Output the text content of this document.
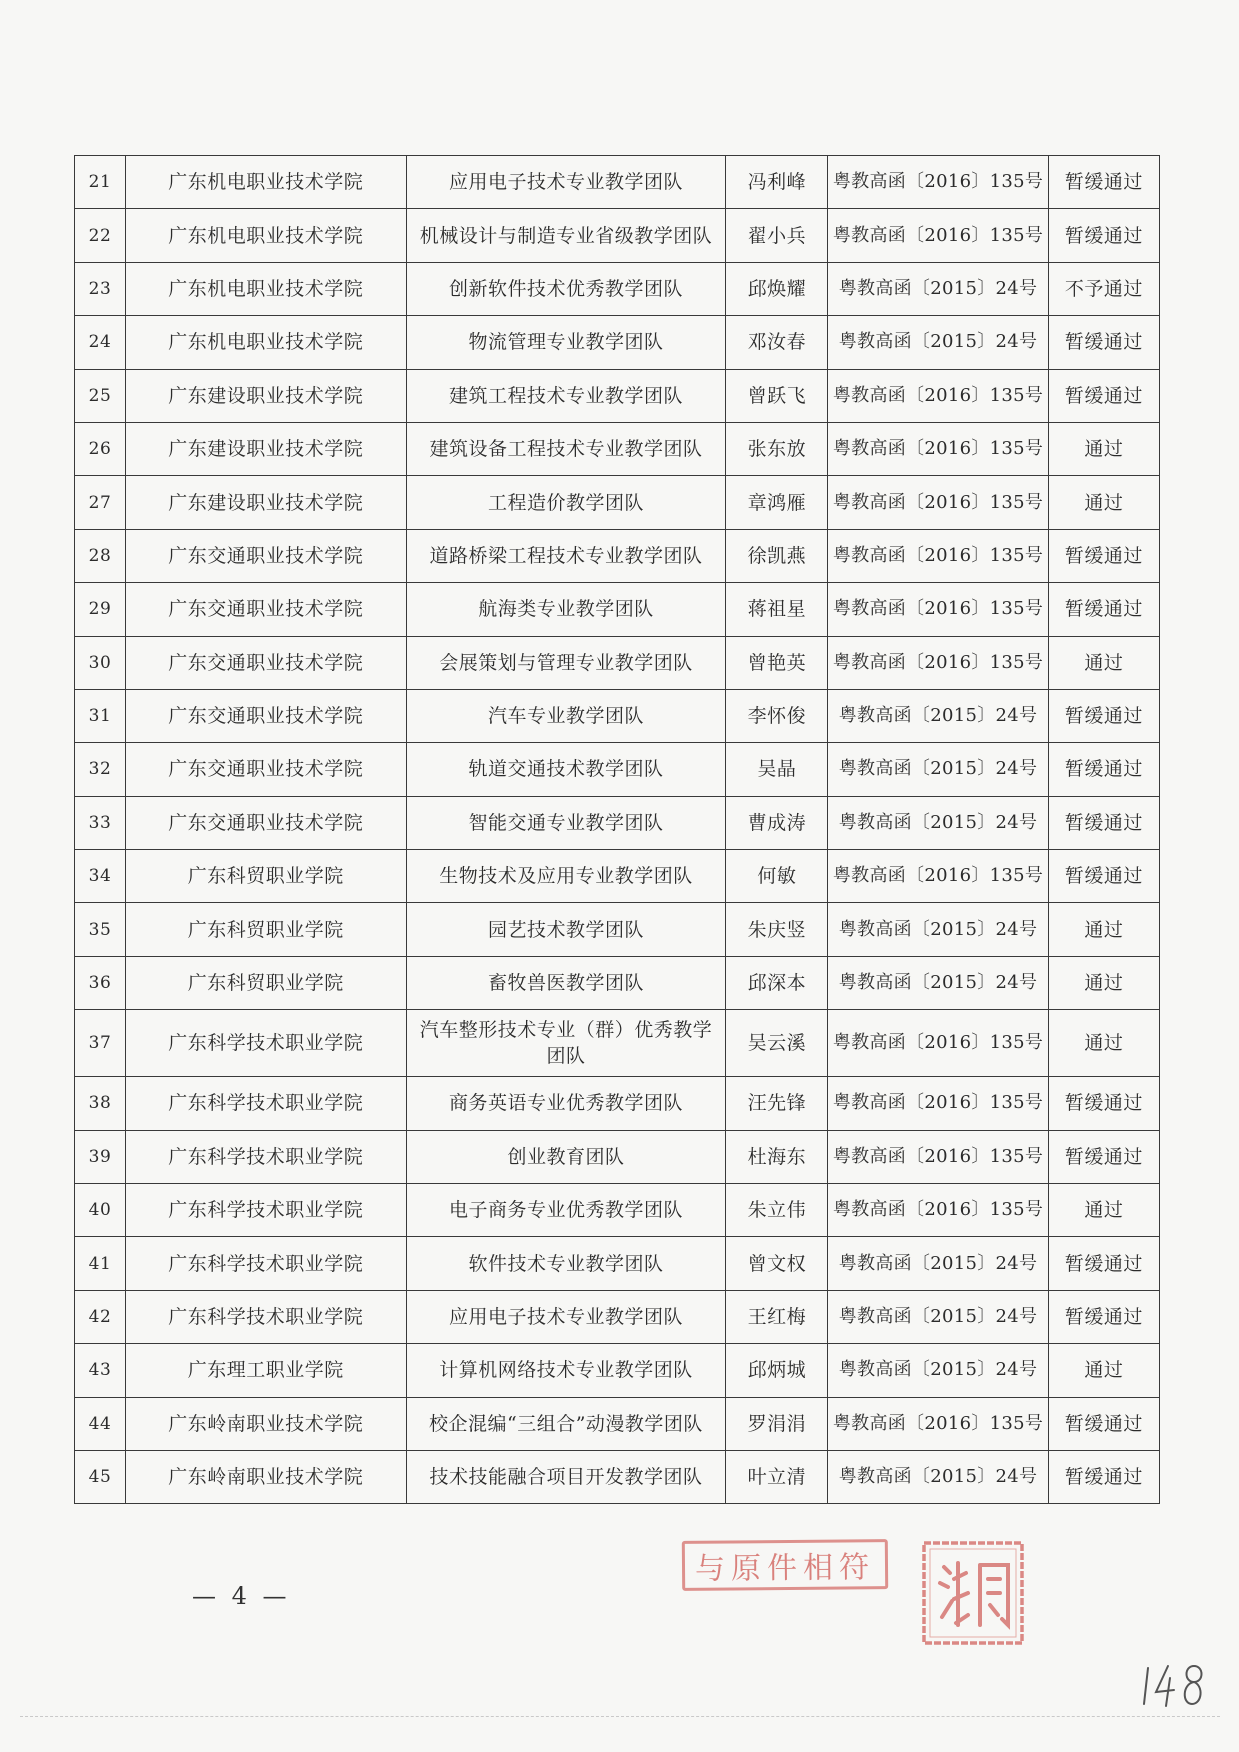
21	广东机电职业技术学院	应用电子技术专业教学团队	冯利峰	粤教高函〔2016〕135号	暂缓通过
22	广东机电职业技术学院	机械设计与制造专业省级教学团队	翟小兵	粤教高函〔2016〕135号	暂缓通过
23	广东机电职业技术学院	创新软件技术优秀教学团队	邱焕耀	粤教高函〔2015〕24号	不予通过
24	广东机电职业技术学院	物流管理专业教学团队	邓汝春	粤教高函〔2015〕24号	暂缓通过
25	广东建设职业技术学院	建筑工程技术专业教学团队	曾跃飞	粤教高函〔2016〕135号	暂缓通过
26	广东建设职业技术学院	建筑设备工程技术专业教学团队	张东放	粤教高函〔2016〕135号	通过
27	广东建设职业技术学院	工程造价教学团队	章鸿雁	粤教高函〔2016〕135号	通过
28	广东交通职业技术学院	道路桥梁工程技术专业教学团队	徐凯燕	粤教高函〔2016〕135号	暂缓通过
29	广东交通职业技术学院	航海类专业教学团队	蒋祖星	粤教高函〔2016〕135号	暂缓通过
30	广东交通职业技术学院	会展策划与管理专业教学团队	曾艳英	粤教高函〔2016〕135号	通过
31	广东交通职业技术学院	汽车专业教学团队	李怀俊	粤教高函〔2015〕24号	暂缓通过
32	广东交通职业技术学院	轨道交通技术教学团队	吴晶	粤教高函〔2015〕24号	暂缓通过
33	广东交通职业技术学院	智能交通专业教学团队	曹成涛	粤教高函〔2015〕24号	暂缓通过
34	广东科贸职业学院	生物技术及应用专业教学团队	何敏	粤教高函〔2016〕135号	暂缓通过
35	广东科贸职业学院	园艺技术教学团队	朱庆竖	粤教高函〔2015〕24号	通过
36	广东科贸职业学院	畜牧兽医教学团队	邱深本	粤教高函〔2015〕24号	通过
37	广东科学技术职业学院	汽车整形技术专业（群）优秀教学团队	吴云溪	粤教高函〔2016〕135号	通过
38	广东科学技术职业学院	商务英语专业优秀教学团队	汪先锋	粤教高函〔2016〕135号	暂缓通过
39	广东科学技术职业学院	创业教育团队	杜海东	粤教高函〔2016〕135号	暂缓通过
40	广东科学技术职业学院	电子商务专业优秀教学团队	朱立伟	粤教高函〔2016〕135号	通过
41	广东科学技术职业学院	软件技术专业教学团队	曾文权	粤教高函〔2015〕24号	暂缓通过
42	广东科学技术职业学院	应用电子技术专业教学团队	王红梅	粤教高函〔2015〕24号	暂缓通过
43	广东理工职业学院	计算机网络技术专业教学团队	邱炳城	粤教高函〔2015〕24号	通过
44	广东岭南职业技术学院	校企混编“三组合”动漫教学团队	罗涓涓	粤教高函〔2016〕135号	暂缓通过
45	广东岭南职业技术学院	技术技能融合项目开发教学团队	叶立清	粤教高函〔2015〕24号	暂缓通过
— 4 —
与原件相符
